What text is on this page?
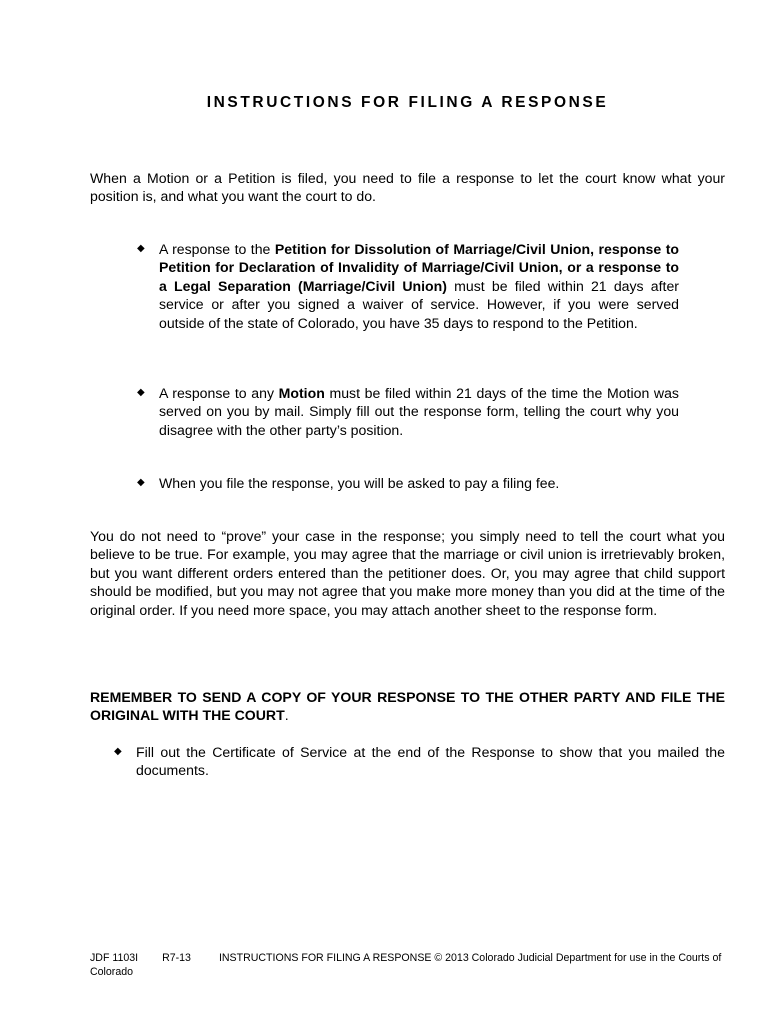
INSTRUCTIONS FOR FILING A RESPONSE

When a Motion or a Petition is filed, you need to file a response to let the court know what your position is, and what you want the court to do.

◆ A response to the Petition for Dissolution of Marriage/Civil Union, response to Petition for Declaration of Invalidity of Marriage/Civil Union, or a response to a Legal Separation (Marriage/Civil Union) must be filed within 21 days after service or after you signed a waiver of service. However, if you were served outside of the state of Colorado, you have 35 days to respond to the Petition.
◆ A response to any Motion must be filed within 21 days of the time the Motion was served on you by mail. Simply fill out the response form, telling the court why you disagree with the other party’s position.
◆ When you file the response, you will be asked to pay a filing fee.

You do not need to “prove” your case in the response; you simply need to tell the court what you believe to be true. For example, you may agree that the marriage or civil union is irretrievably broken, but you want different orders entered than the petitioner does. Or, you may agree that child support should be modified, but you may not agree that you make more money than you did at the time of the original order. If you need more space, you may attach another sheet to the response form.

REMEMBER TO SEND A COPY OF YOUR RESPONSE TO THE OTHER PARTY AND FILE THE ORIGINAL WITH THE COURT.
◆ Fill out the Certificate of Service at the end of the Response to show that you mailed the documents.
JDF 1103I R7-13	INSTRUCTIONS FOR FILING A RESPONSE © 2013 Colorado Judicial Department for use in the Courts of Colorado
